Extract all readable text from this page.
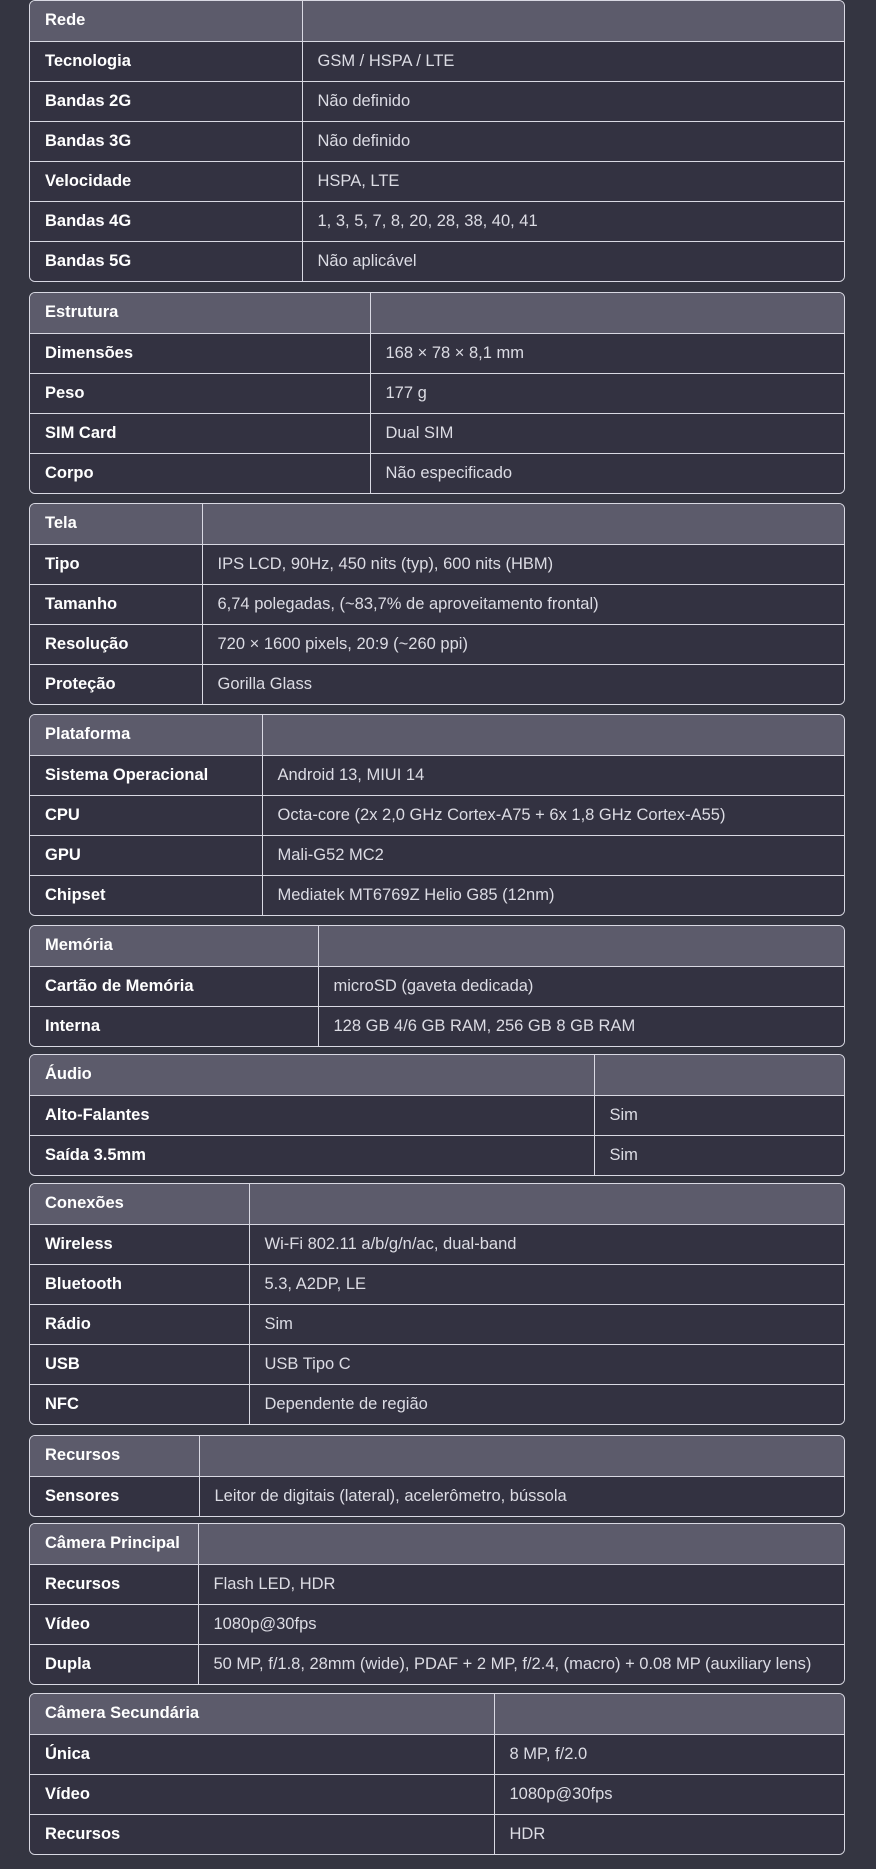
Rede	
Tecnologia	GSM / HSPA / LTE
Bandas 2G	Não definido
Bandas 3G	Não definido
Velocidade	HSPA, LTE
Bandas 4G	1, 3, 5, 7, 8, 20, 28, 38, 40, 41
Bandas 5G	Não aplicável
Estrutura	
Dimensões	168 × 78 × 8,1 mm
Peso	177 g
SIM Card	Dual SIM
Corpo	Não especificado
Tela	
Tipo	IPS LCD, 90Hz, 450 nits (typ), 600 nits (HBM)
Tamanho	6,74 polegadas, (~83,7% de aproveitamento frontal)
Resolução	720 × 1600 pixels, 20:9 (~260 ppi)
Proteção	Gorilla Glass
Plataforma	
Sistema Operacional	Android 13, MIUI 14
CPU	Octa-core (2x 2,0 GHz Cortex-A75 + 6x 1,8 GHz Cortex-A55)
GPU	Mali-G52 MC2
Chipset	Mediatek MT6769Z Helio G85 (12nm)
Memória	
Cartão de Memória	microSD (gaveta dedicada)
Interna	128 GB 4/6 GB RAM, 256 GB 8 GB RAM
Áudio	
Alto-Falantes	Sim
Saída 3.5mm	Sim
Conexões	
Wireless	Wi-Fi 802.11 a/b/g/n/ac, dual-band
Bluetooth	5.3, A2DP, LE
Rádio	Sim
USB	USB Tipo C
NFC	Dependente de região
Recursos	
Sensores	Leitor de digitais (lateral), acelerômetro, bússola
Câmera Principal	
Recursos	Flash LED, HDR
Vídeo	1080p@30fps
Dupla	50 MP, f/1.8, 28mm (wide), PDAF + 2 MP, f/2.4, (macro) + 0.08 MP (auxiliary lens)
Câmera Secundária	
Única	8 MP, f/2.0
Vídeo	1080p@30fps
Recursos	HDR
